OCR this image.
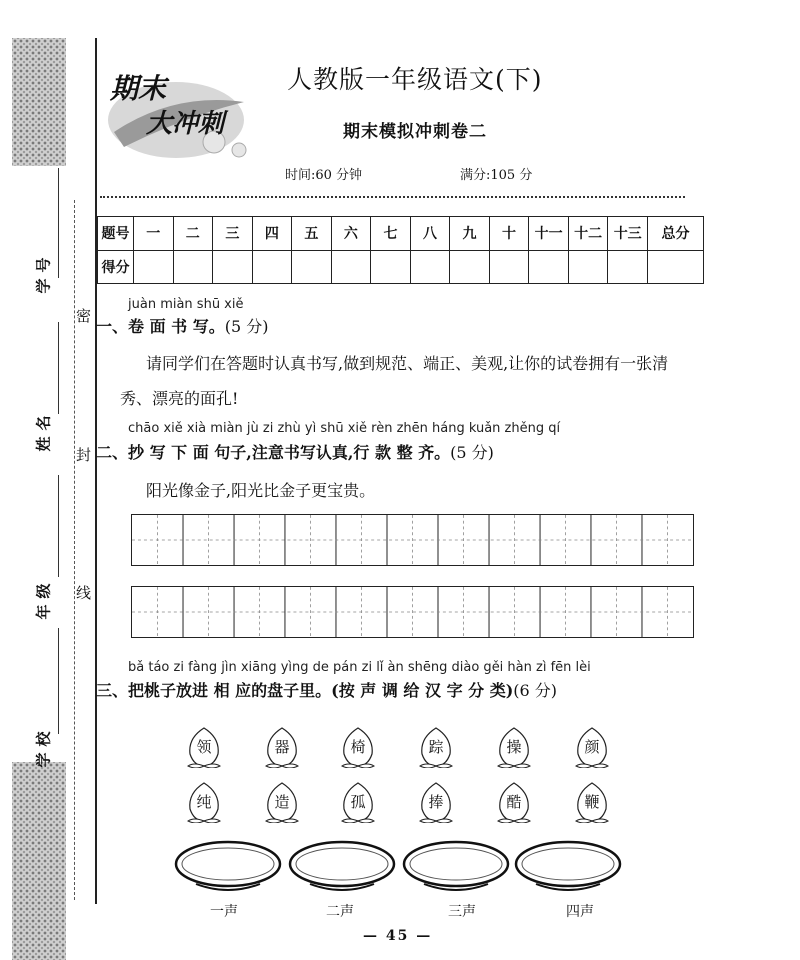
学号
姓名
年级
学校
密
封
线
期末
大冲刺
人教版一年级语文(下)
期末模拟冲刺卷二
时间:60 分钟	满分:105 分
题号	一	二	三	四	五	六	七	八	九	十	十一	十二	十三	总分
得分														
juàn miàn shū xiě
一、卷 面 书 写。(5 分)
请同学们在答题时认真书写,做到规范、端正、美观,让你的试卷拥有一张清
秀、漂亮的面孔!
chāo xiě xià miàn jù zi zhù yì shū xiě rèn zhēn háng kuǎn zhěng qí
二、抄 写 下 面 句子,注意书写认真,行 款 整 齐。(5 分)
阳光像金子,阳光比金子更宝贵。
bǎ táo zi fàng jìn xiāng yìng de pán zi lǐ àn shēng diào gěi hàn zì fēn lèi
三、把桃子放进 相 应的盘子里。(按 声 调 给 汉 字 分 类)(6 分)
领	器	椅	踪	操	颜
纯	造	孤	捧	酷	鞭
一声	二声	三声	四声
— 45 —
